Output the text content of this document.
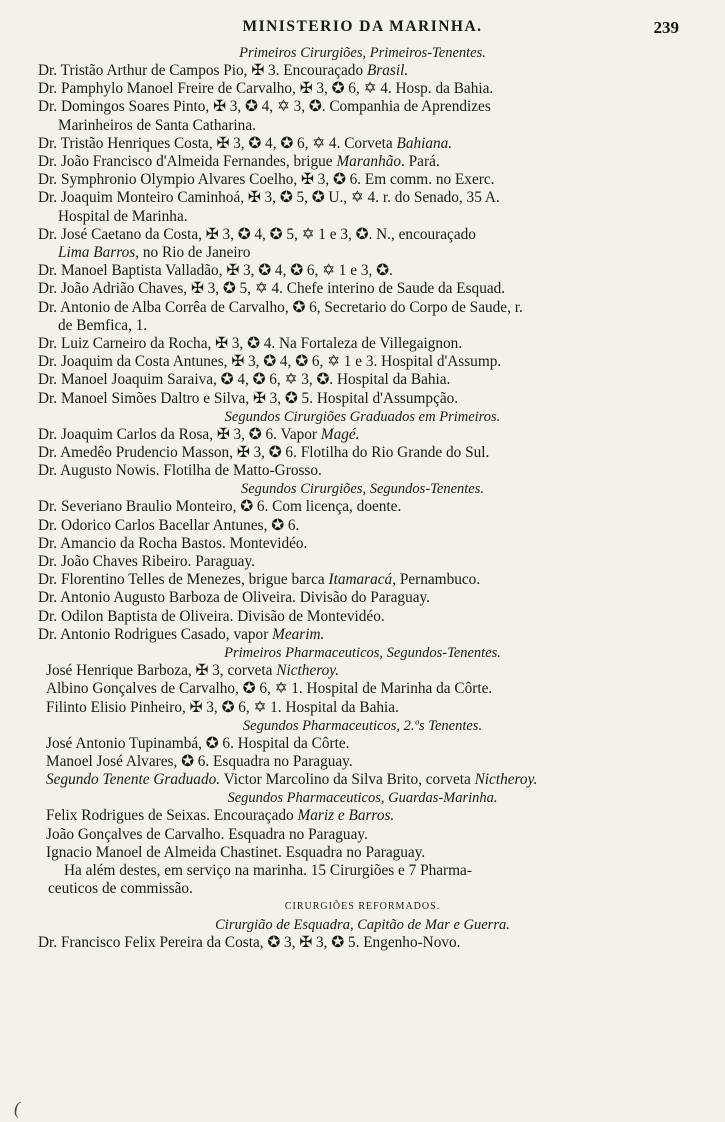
MINISTERIO DA MARINHA.	239
Primeiros Cirurgiões, Primeiros-Tenentes.
Dr. Tristão Arthur de Campos Pio, ✠ 3. Encouraçado Brasil.
Dr. Pamphylo Manoel Freire de Carvalho, ✠ 3, ✪ 6, ✡ 4. Hosp. da Bahia.
Dr. Domingos Soares Pinto, ✠ 3, ✪ 4, ✡ 3, ✪. Companhia de Aprendizes
Marinheiros de Santa Catharina.
Dr. Tristão Henriques Costa, ✠ 3, ✪ 4, ✪ 6, ✡ 4. Corveta Bahiana.
Dr. João Francisco d'Almeida Fernandes, brigue Maranhão. Pará.
Dr. Symphronio Olympio Alvares Coelho, ✠ 3, ✪ 6. Em comm. no Exerc.
Dr. Joaquim Monteiro Caminhoá, ✠ 3, ✪ 5, ✪ U., ✡ 4. r. do Senado, 35 A.
Hospital de Marinha.
Dr. José Caetano da Costa, ✠ 3, ✪ 4, ✪ 5, ✡ 1 e 3, ✪. N., encouraçado
Lima Barros, no Rio de Janeiro
Dr. Manoel Baptista Valladão, ✠ 3, ✪ 4, ✪ 6, ✡ 1 e 3, ✪.
Dr. João Adrião Chaves, ✠ 3, ✪ 5, ✡ 4. Chefe interino de Saude da Esquad.
Dr. Antonio de Alba Corrêa de Carvalho, ✪ 6, Secretario do Corpo de Saude, r.
de Bemfica, 1.
Dr. Luiz Carneiro da Rocha, ✠ 3, ✪ 4. Na Fortaleza de Villegaignon.
Dr. Joaquim da Costa Antunes, ✠ 3, ✪ 4, ✪ 6, ✡ 1 e 3. Hospital d'Assump.
Dr. Manoel Joaquim Saraiva, ✪ 4, ✪ 6, ✡ 3, ✪. Hospital da Bahia.
Dr. Manoel Simões Daltro e Silva, ✠ 3, ✪ 5. Hospital d'Assumpção.
Segundos Cirurgiões Graduados em Primeiros.
Dr. Joaquim Carlos da Rosa, ✠ 3, ✪ 6. Vapor Magé.
Dr. Amedêo Prudencio Masson, ✠ 3, ✪ 6. Flotilha do Rio Grande do Sul.
Dr. Augusto Nowis. Flotilha de Matto-Grosso.
Segundos Cirurgiões, Segundos-Tenentes.
Dr. Severiano Braulio Monteiro, ✪ 6. Com licença, doente.
Dr. Odorico Carlos Bacellar Antunes, ✪ 6.
Dr. Amancio da Rocha Bastos. Montevidéo.
Dr. João Chaves Ribeiro. Paraguay.
Dr. Florentino Telles de Menezes, brigue barca Itamaracá, Pernambuco.
Dr. Antonio Augusto Barboza de Oliveira. Divisão do Paraguay.
Dr. Odilon Baptista de Oliveira. Divisão de Montevidéo.
Dr. Antonio Rodrigues Casado, vapor Mearim.
Primeiros Pharmaceuticos, Segundos-Tenentes.
José Henrique Barboza, ✠ 3, corveta Nictheroy.
Albino Gonçalves de Carvalho, ✪ 6, ✡ 1. Hospital de Marinha da Côrte.
Filinto Elisio Pinheiro, ✠ 3, ✪ 6, ✡ 1. Hospital da Bahia.
Segundos Pharmaceuticos, 2.ºs Tenentes.
José Antonio Tupinambá, ✪ 6. Hospital da Côrte.
Manoel José Alvares, ✪ 6. Esquadra no Paraguay.
Segundo Tenente Graduado. Victor Marcolino da Silva Brito, corveta Nictheroy.
Segundos Pharmaceuticos, Guardas-Marinha.
Felix Rodrigues de Seixas. Encouraçado Mariz e Barros.
João Gonçalves de Carvalho. Esquadra no Paraguay.
Ignacio Manoel de Almeida Chastinet. Esquadra no Paraguay.
Ha além destes, em serviço na marinha. 15 Cirurgiões e 7 Pharma-
ceuticos de commissão.
CIRURGIÕES REFORMADOS.
Cirurgião de Esquadra, Capitão de Mar e Guerra.
Dr. Francisco Felix Pereira da Costa, ✪ 3, ✠ 3, ✪ 5. Engenho-Novo.
(
